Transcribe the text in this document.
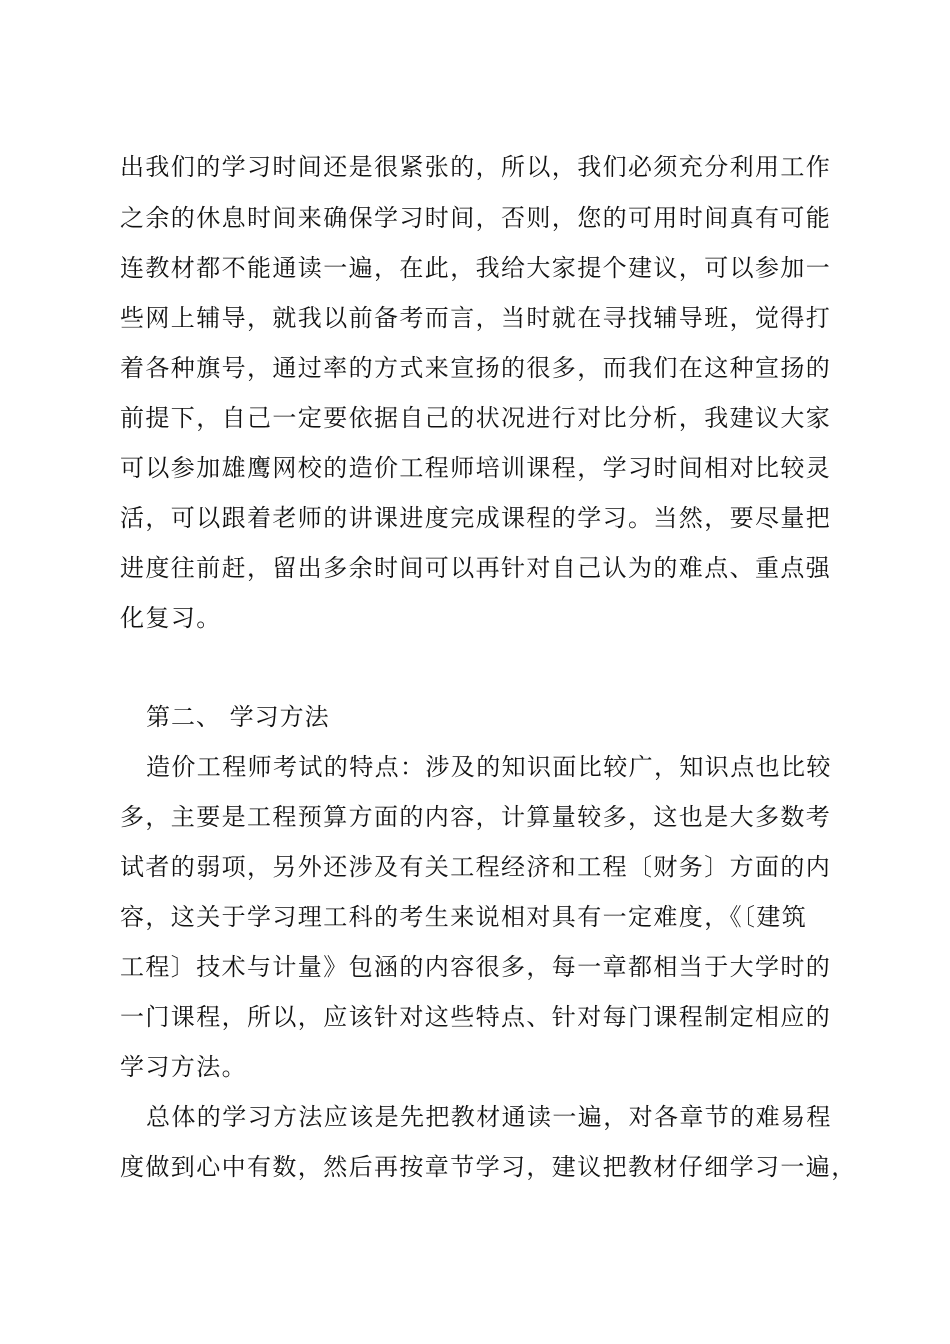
出我们的学习时间还是很紧张的，所以，我们必须充分利用工作
之余的休息时间来确保学习时间，否则，您的可用时间真有可能
连教材都不能通读一遍，在此，我给大家提个建议，可以参加一
些网上辅导，就我以前备考而言，当时就在寻找辅导班，觉得打
着各种旗号，通过率的方式来宣扬的很多，而我们在这种宣扬的
前提下，自己一定要依据自己的状况进行对比分析，我建议大家
可以参加雄鹰网校的造价工程师培训课程，学习时间相对比较灵
活，可以跟着老师的讲课进度完成课程的学习。当然，要尽量把
进度往前赶，留出多余时间可以再针对自己认为的难点、重点强
化复习。
第二、 学习方法
造价工程师考试的特点：涉及的知识面比较广，知识点也比较
多，主要是工程预算方面的内容，计算量较多，这也是大多数考
试者的弱项，另外还涉及有关工程经济和工程〔财务〕方面的内
容，这关于学习理工科的考生来说相对具有一定难度，《〔建筑
工程〕技术与计量》包涵的内容很多，每一章都相当于大学时的
一门课程，所以，应该针对这些特点、针对每门课程制定相应的
学习方法。
总体的学习方法应该是先把教材通读一遍，对各章节的难易程
度做到心中有数，然后再按章节学习，建议把教材仔细学习一遍，
